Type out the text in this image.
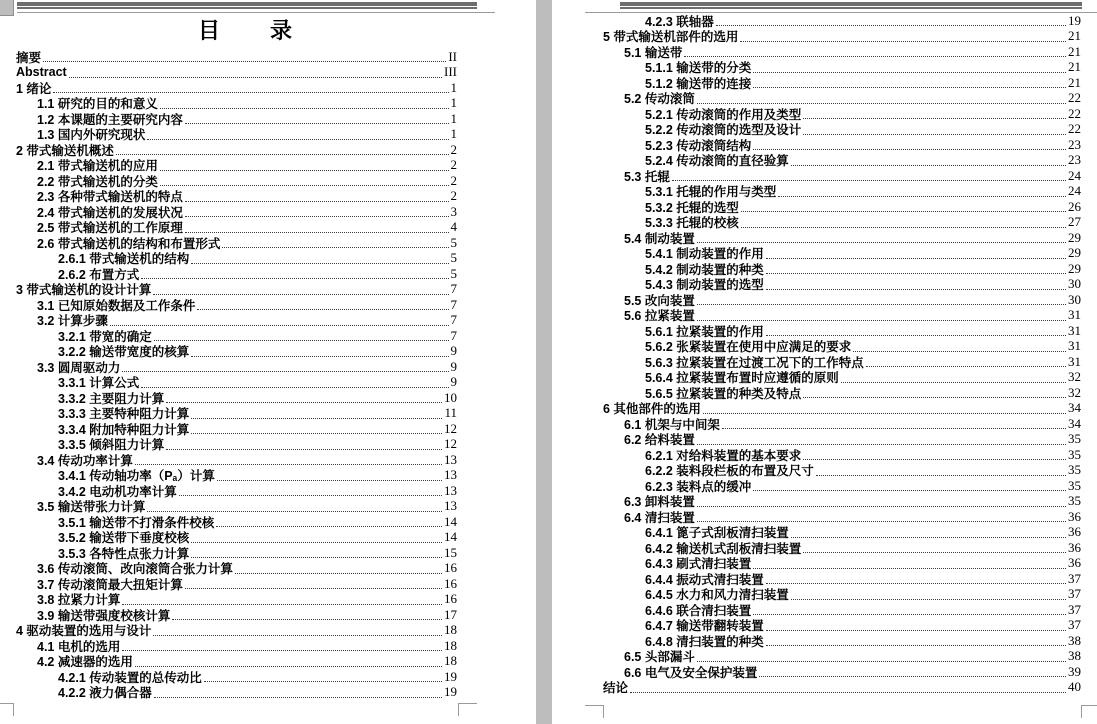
目　　录
摘要	II
Abstract	III
1 绪论	1
1.1 研究的目的和意义	1
1.2 本课题的主要研究内容	1
1.3 国内外研究现状	1
2 带式输送机概述	2
2.1 带式输送机的应用	2
2.2 带式输送机的分类	2
2.3 各种带式输送机的特点	2
2.4 带式输送机的发展状况	3
2.5 带式输送机的工作原理	4
2.6 带式输送机的结构和布置形式	5
2.6.1 带式输送机的结构	5
2.6.2 布置方式	5
3 带式输送机的设计计算	7
3.1 已知原始数据及工作条件	7
3.2 计算步骤	7
3.2.1 带宽的确定	7
3.2.2 输送带宽度的核算	9
3.3 圆周驱动力	9
3.3.1 计算公式	9
3.3.2 主要阻力计算	10
3.3.3 主要特种阻力计算	11
3.3.4 附加特种阻力计算	12
3.3.5 倾斜阻力计算	12
3.4 传动功率计算	13
3.4.1 传动轴功率（Pₐ）计算	13
3.4.2 电动机功率计算	13
3.5 输送带张力计算	13
3.5.1 输送带不打滑条件校核	14
3.5.2 输送带下垂度校核	14
3.5.3 各特性点张力计算	15
3.6 传动滚筒、改向滚筒合张力计算	16
3.7 传动滚筒最大扭矩计算	16
3.8 拉紧力计算	16
3.9 输送带强度校核计算	17
4 驱动装置的选用与设计	18
4.1 电机的选用	18
4.2 减速器的选用	18
4.2.1 传动装置的总传动比	19
4.2.2 液力偶合器	19
4.2.3 联轴器	19
5 带式输送机部件的选用	21
5.1 输送带	21
5.1.1 输送带的分类	21
5.1.2 输送带的连接	21
5.2 传动滚筒	22
5.2.1 传动滚筒的作用及类型	22
5.2.2 传动滚筒的选型及设计	22
5.2.3 传动滚筒结构	23
5.2.4 传动滚筒的直径验算	23
5.3 托辊	24
5.3.1 托辊的作用与类型	24
5.3.2 托辊的选型	26
5.3.3 托辊的校核	27
5.4 制动装置	29
5.4.1 制动装置的作用	29
5.4.2 制动装置的种类	29
5.4.3 制动装置的选型	30
5.5 改向装置	30
5.6 拉紧装置	31
5.6.1 拉紧装置的作用	31
5.6.2 张紧装置在使用中应满足的要求	31
5.6.3 拉紧装置在过渡工况下的工作特点	31
5.6.4 拉紧装置布置时应遵循的原则	32
5.6.5 拉紧装置的种类及特点	32
6 其他部件的选用	34
6.1 机架与中间架	34
6.2 给料装置	35
6.2.1 对给料装置的基本要求	35
6.2.2 装料段栏板的布置及尺寸	35
6.2.3 装料点的缓冲	35
6.3 卸料装置	35
6.4 清扫装置	36
6.4.1 篦子式刮板清扫装置	36
6.4.2 输送机式刮板清扫装置	36
6.4.3 刷式清扫装置	36
6.4.4 振动式清扫装置	37
6.4.5 水力和风力清扫装置	37
6.4.6 联合清扫装置	37
6.4.7 输送带翻转装置	37
6.4.8 清扫装置的种类	38
6.5 头部漏斗	38
6.6 电气及安全保护装置	39
结论	40
